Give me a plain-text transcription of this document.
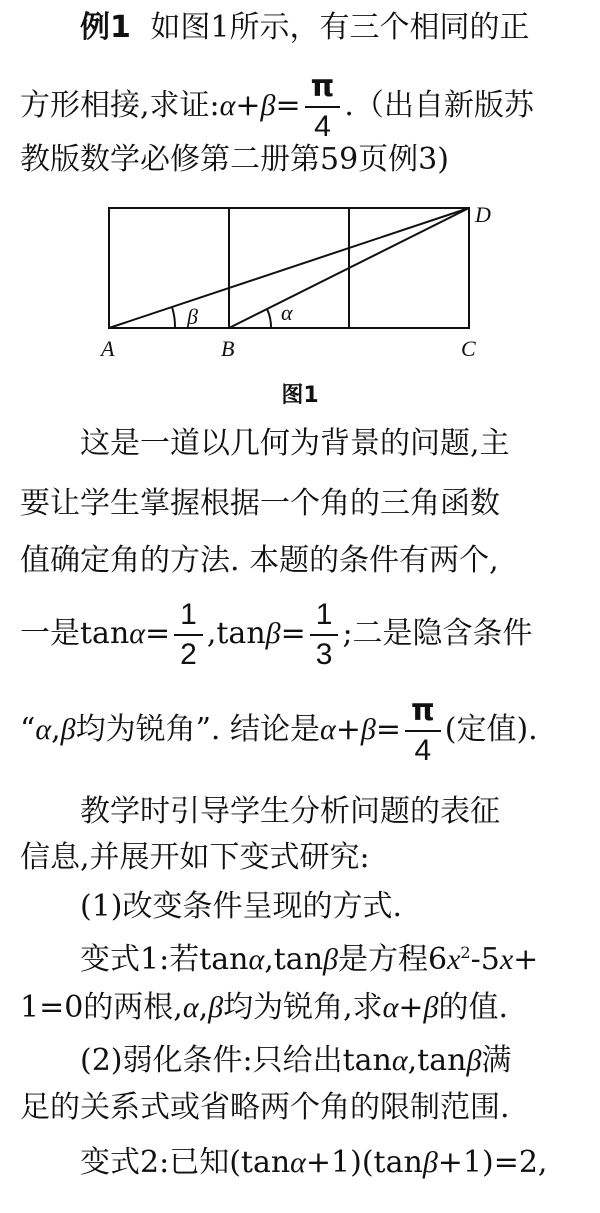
例1 如图1所示，有三个相同的正
方形相接,求证:α+β= $\frac{\pi}{4}$ .（出自新版苏
教版数学必修第二册第59页例3)
β	α
A	B	C
D
图1
这是一道以几何为背景的问题,主
要让学生掌握根据一个角的三角函数
值确定角的方法. 本题的条件有两个,
一是$\tan\alpha= \frac{1}{2} ,\tan\beta= \frac{1}{3}$ ;二是隐含条件
“α,β均为锐角”. 结论是$\alpha+\beta= \frac{\pi}{4}$ (定值).
教学时引导学生分析问题的表征
信息,并展开如下变式研究:
(1)改变条件呈现的方式.
变式1:若tanα,tanβ是方程$6x^2-5x+$
1=0的两根,α,β均为锐角,求α+β的值.
(2)弱化条件:只给出tanα,tanβ满
足的关系式或省略两个角的限制范围.
变式2:已知(tanα+1)(tanβ+1)=2,
